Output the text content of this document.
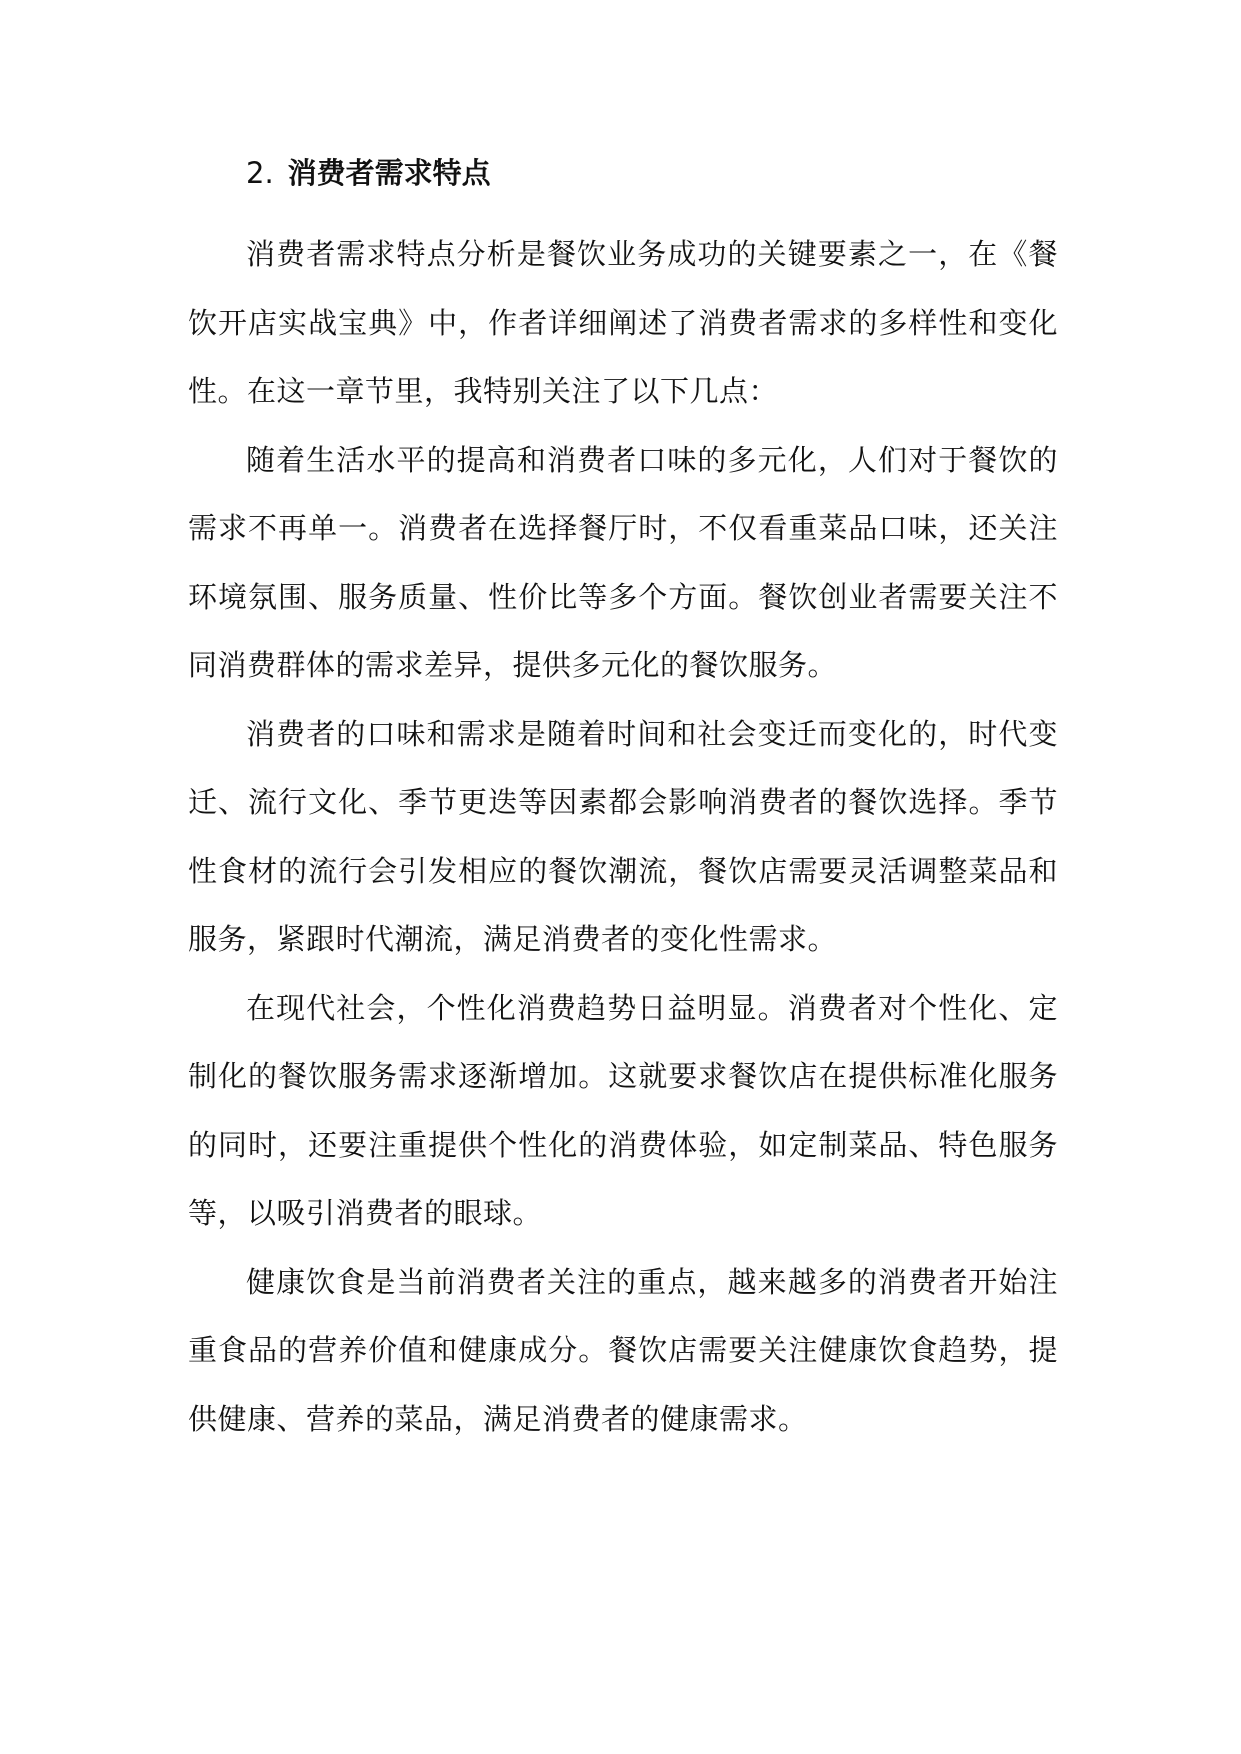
2. 消费者需求特点

消费者需求特点分析是餐饮业务成功的关键要素之一，在《餐饮开店实战宝典》中，作者详细阐述了消费者需求的多样性和变化性。在这一章节里，我特别关注了以下几点：

随着生活水平的提高和消费者口味的多元化，人们对于餐饮的需求不再单一。消费者在选择餐厅时，不仅看重菜品口味，还关注环境氛围、服务质量、性价比等多个方面。餐饮创业者需要关注不同消费群体的需求差异，提供多元化的餐饮服务。

消费者的口味和需求是随着时间和社会变迁而变化的，时代变迁、流行文化、季节更迭等因素都会影响消费者的餐饮选择。季节性食材的流行会引发相应的餐饮潮流，餐饮店需要灵活调整菜品和服务，紧跟时代潮流，满足消费者的变化性需求。

在现代社会，个性化消费趋势日益明显。消费者对个性化、定制化的餐饮服务需求逐渐增加。这就要求餐饮店在提供标准化服务的同时，还要注重提供个性化的消费体验，如定制菜品、特色服务等，以吸引消费者的眼球。

健康饮食是当前消费者关注的重点，越来越多的消费者开始注重食品的营养价值和健康成分。餐饮店需要关注健康饮食趋势，提供健康、营养的菜品，满足消费者的健康需求。
